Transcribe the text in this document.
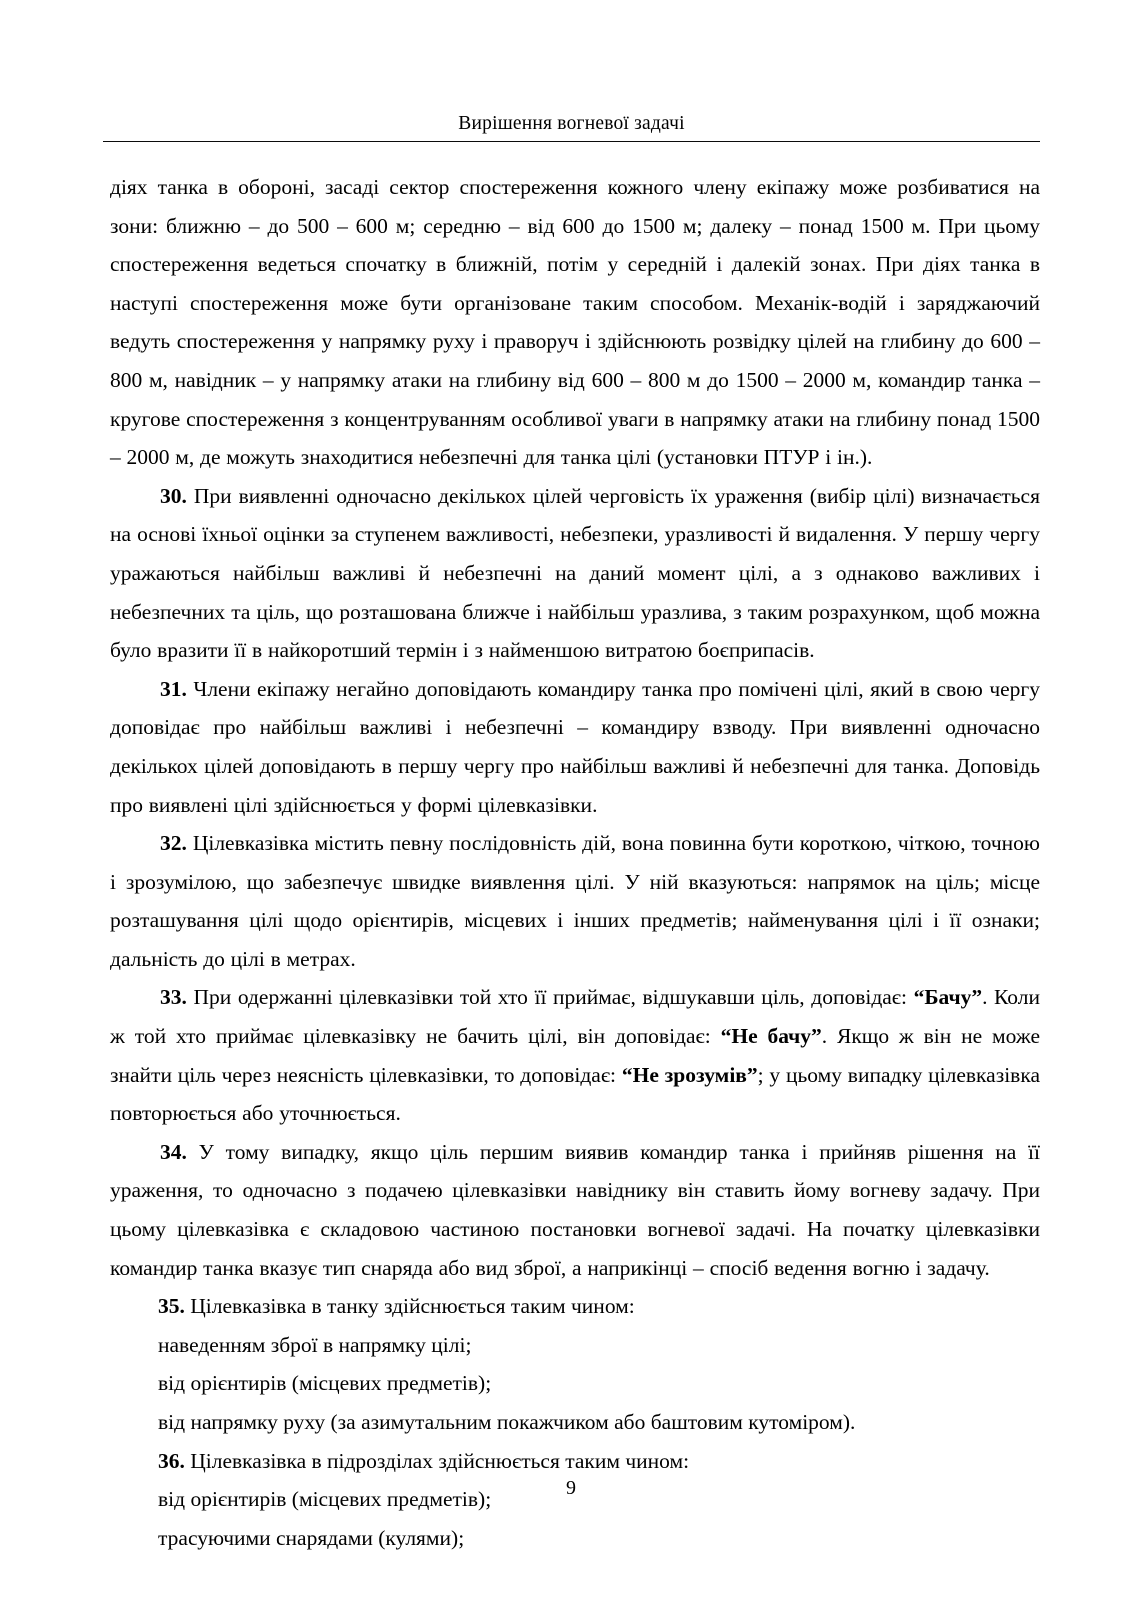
Вирішення вогневої задачі

діях танка в обороні, засаді сектор спостереження кожного члену екіпажу може розбиватися на зони: ближню – до 500 – 600 м; середню – від 600 до 1500 м; далеку – понад 1500 м. При цьому спостереження ведеться спочатку в ближній, потім у середній і далекій зонах. При діях танка в наступі спостереження може бути організоване таким способом. Механік-водій і заряджаючий ведуть спостереження у напрямку руху і праворуч і здійснюють розвідку цілей на глибину до 600 – 800 м, навідник – у напрямку атаки на глибину від 600 – 800 м до 1500 – 2000 м, командир танка – кругове спостереження з концентруванням особливої уваги в напрямку атаки на глибину понад 1500 – 2000 м, де можуть знаходитися небезпечні для танка цілі (установки ПТУР і ін.).

30. При виявленні одночасно декількох цілей черговість їх ураження (вибір цілі) визначається на основі їхньої оцінки за ступенем важливості, небезпеки, уразливості й видалення. У першу чергу уражаються найбільш важливі й небезпечні на даний момент цілі, а з однаково важливих і небезпечних та ціль, що розташована ближче і найбільш уразлива, з таким розрахунком, щоб можна було вразити її в найкоротший термін і з найменшою витратою боєприпасів.

31. Члени екіпажу негайно доповідають командиру танка про помічені цілі, який в свою чергу доповідає про найбільш важливі і небезпечні – командиру взводу. При виявленні одночасно декількох цілей доповідають в першу чергу про найбільш важливі й небезпечні для танка. Доповідь про виявлені цілі здійснюється у формі цілевказівки.

32. Цілевказівка містить певну послідовність дій, вона повинна бути короткою, чіткою, точною і зрозумілою, що забезпечує швидке виявлення цілі. У ній вказуються: напрямок на ціль; місце розташування цілі щодо орієнтирів, місцевих і інших предметів; найменування цілі і її ознаки; дальність до цілі в метрах.

33. При одержанні цілевказівки той хто її приймає, відшукавши ціль, доповідає: “Бачу”. Коли ж той хто приймає цілевказівку не бачить цілі, він доповідає: “Не бачу”. Якщо ж він не може знайти ціль через неясність цілевказівки, то доповідає: “Не зрозумів”; у цьому випадку цілевказівка повторюється або уточнюється.

34. У тому випадку, якщо ціль першим виявив командир танка і прийняв рішення на її ураження, то одночасно з подачею цілевказівки навіднику він ставить йому вогневу задачу. При цьому цілевказівка є складовою частиною постановки вогневої задачі. На початку цілевказівки командир танка вказує тип снаряда або вид зброї, а наприкінці – спосіб ведення вогню і задачу.

35. Цілевказівка в танку здійснюється таким чином:

наведенням зброї в напрямку цілі;

від орієнтирів (місцевих предметів);

від напрямку руху (за азимутальним покажчиком або баштовим кутоміром).

36. Цілевказівка в підрозділах здійснюється таким чином:

від орієнтирів (місцевих предметів);

трасуючими снарядами (кулями);

9
